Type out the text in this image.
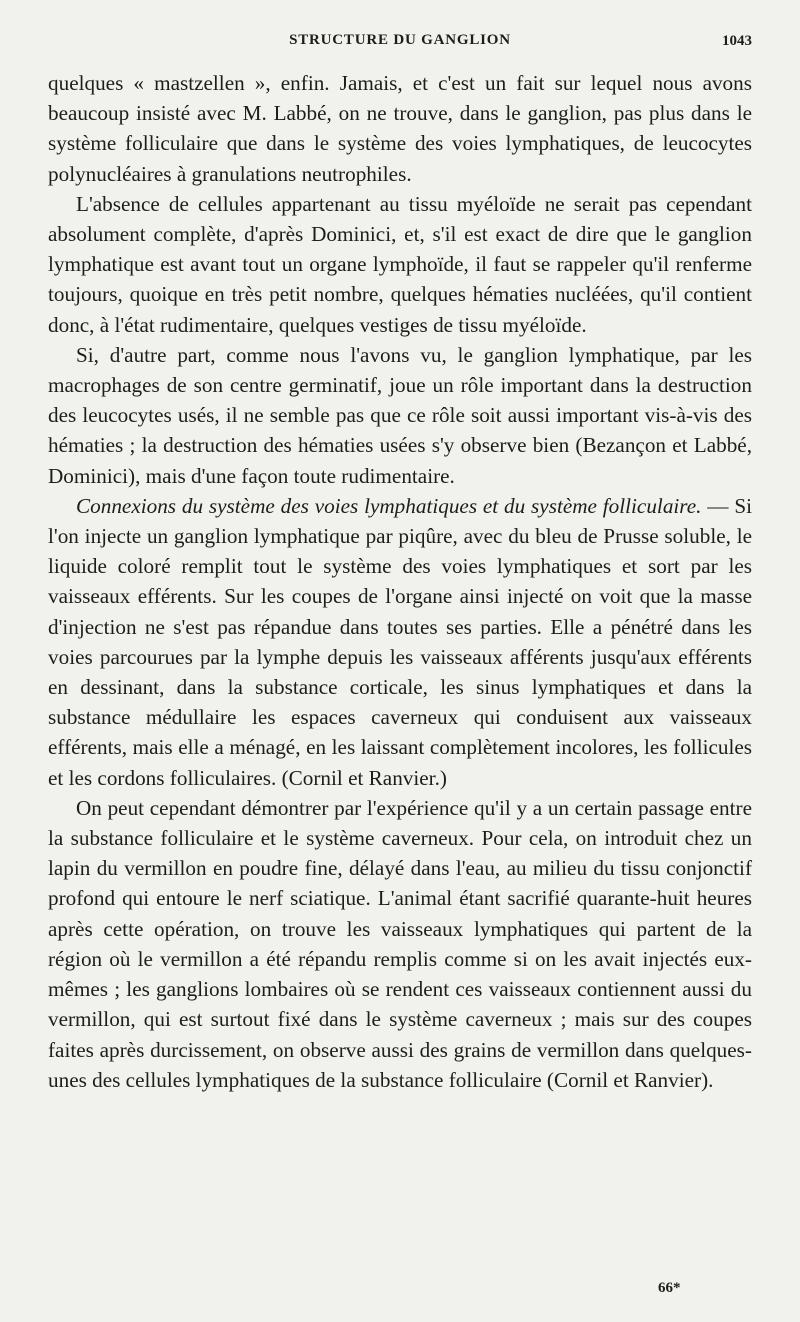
STRUCTURE DU GANGLION	1043

quelques « mastzellen », enfin. Jamais, et c'est un fait sur lequel nous avons beaucoup insisté avec M. Labbé, on ne trouve, dans le ganglion, pas plus dans le système folliculaire que dans le système des voies lymphatiques, de leucocytes polynucléaires à granulations neutrophiles.

L'absence de cellules appartenant au tissu myéloïde ne serait pas cependant absolument complète, d'après Dominici, et, s'il est exact de dire que le ganglion lymphatique est avant tout un organe lymphoïde, il faut se rappeler qu'il renferme toujours, quoique en très petit nombre, quelques hématies nucléées, qu'il contient donc, à l'état rudimentaire, quelques vestiges de tissu myéloïde.

Si, d'autre part, comme nous l'avons vu, le ganglion lymphatique, par les macrophages de son centre germinatif, joue un rôle important dans la destruction des leucocytes usés, il ne semble pas que ce rôle soit aussi important vis-à-vis des hématies ; la destruction des hématies usées s'y observe bien (Bezançon et Labbé, Dominici), mais d'une façon toute rudimentaire.

Connexions du système des voies lymphatiques et du système folliculaire. — Si l'on injecte un ganglion lymphatique par piqûre, avec du bleu de Prusse soluble, le liquide coloré remplit tout le système des voies lymphatiques et sort par les vaisseaux efférents. Sur les coupes de l'organe ainsi injecté on voit que la masse d'injection ne s'est pas répandue dans toutes ses parties. Elle a pénétré dans les voies parcourues par la lymphe depuis les vaisseaux afférents jusqu'aux efférents en dessinant, dans la substance corticale, les sinus lymphatiques et dans la substance médullaire les espaces caverneux qui conduisent aux vaisseaux efférents, mais elle a ménagé, en les laissant complètement incolores, les follicules et les cordons folliculaires. (Cornil et Ranvier.)

On peut cependant démontrer par l'expérience qu'il y a un certain passage entre la substance folliculaire et le système caverneux. Pour cela, on introduit chez un lapin du vermillon en poudre fine, délayé dans l'eau, au milieu du tissu conjonctif profond qui entoure le nerf sciatique. L'animal étant sacrifié quarante-huit heures après cette opération, on trouve les vaisseaux lymphatiques qui partent de la région où le vermillon a été répandu remplis comme si on les avait injectés eux-mêmes ; les ganglions lombaires où se rendent ces vaisseaux contiennent aussi du vermillon, qui est surtout fixé dans le système caverneux ; mais sur des coupes faites après durcissement, on observe aussi des grains de vermillon dans quelques-unes des cellules lymphatiques de la substance folliculaire (Cornil et Ranvier).

66*
